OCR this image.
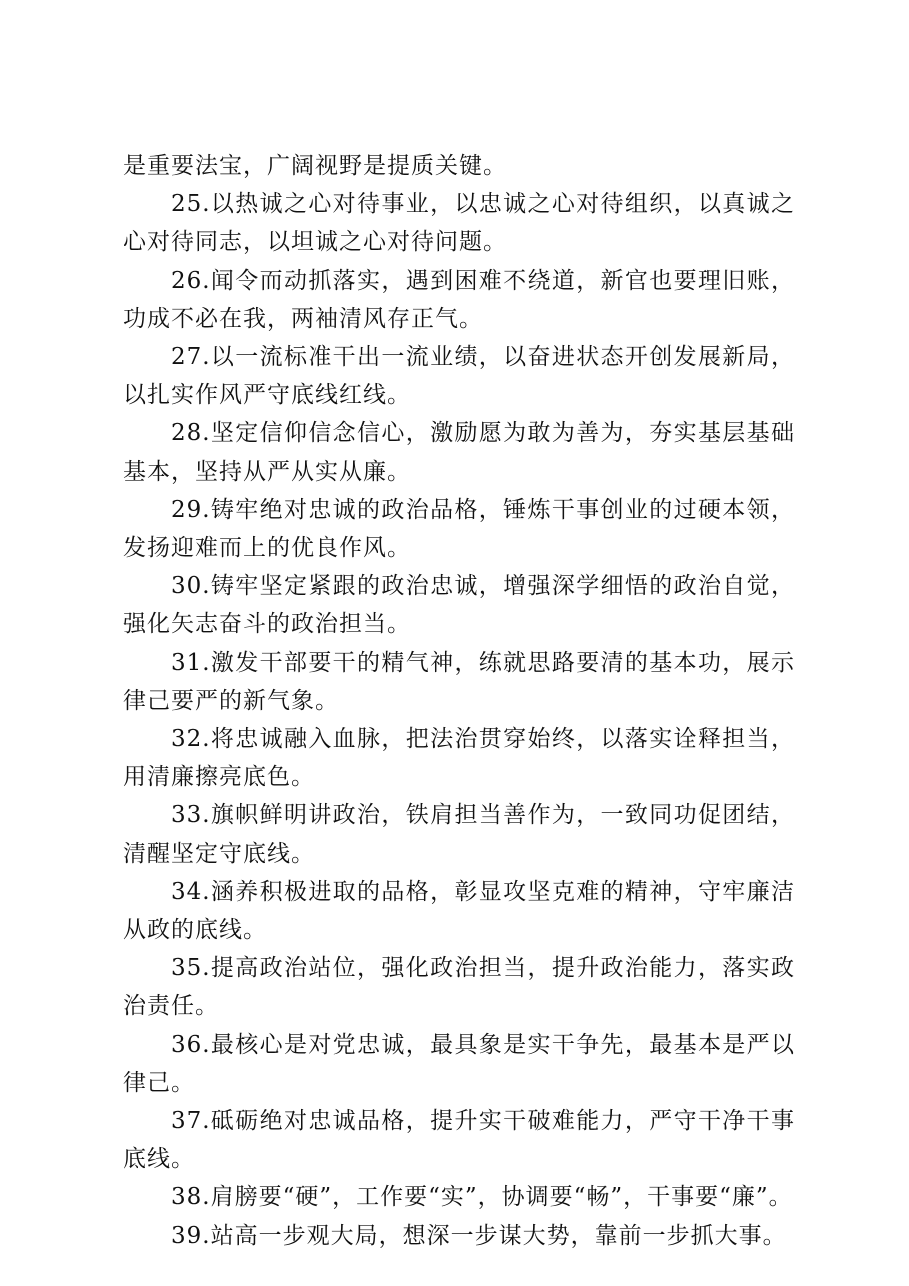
是重要法宝，广阔视野是提质关键。

25.以热诚之心对待事业，以忠诚之心对待组织，以真诚之心对待同志，以坦诚之心对待问题。

26.闻令而动抓落实，遇到困难不绕道，新官也要理旧账，功成不必在我，两袖清风存正气。

27.以一流标准干出一流业绩，以奋进状态开创发展新局，以扎实作风严守底线红线。

28.坚定信仰信念信心，激励愿为敢为善为，夯实基层基础基本，坚持从严从实从廉。

29.铸牢绝对忠诚的政治品格，锤炼干事创业的过硬本领，发扬迎难而上的优良作风。

30.铸牢坚定紧跟的政治忠诚，增强深学细悟的政治自觉，强化矢志奋斗的政治担当。

31.激发干部要干的精气神，练就思路要清的基本功，展示律己要严的新气象。

32.将忠诚融入血脉，把法治贯穿始终，以落实诠释担当，用清廉擦亮底色。

33.旗帜鲜明讲政治，铁肩担当善作为，一致同功促团结，清醒坚定守底线。

34.涵养积极进取的品格，彰显攻坚克难的精神，守牢廉洁从政的底线。

35.提高政治站位，强化政治担当，提升政治能力，落实政治责任。

36.最核心是对党忠诚，最具象是实干争先，最基本是严以律己。

37.砥砺绝对忠诚品格，提升实干破难能力，严守干净干事底线。

38.肩膀要“硬”，工作要“实”，协调要“畅”，干事要“廉”。

39.站高一步观大局，想深一步谋大势，靠前一步抓大事。
